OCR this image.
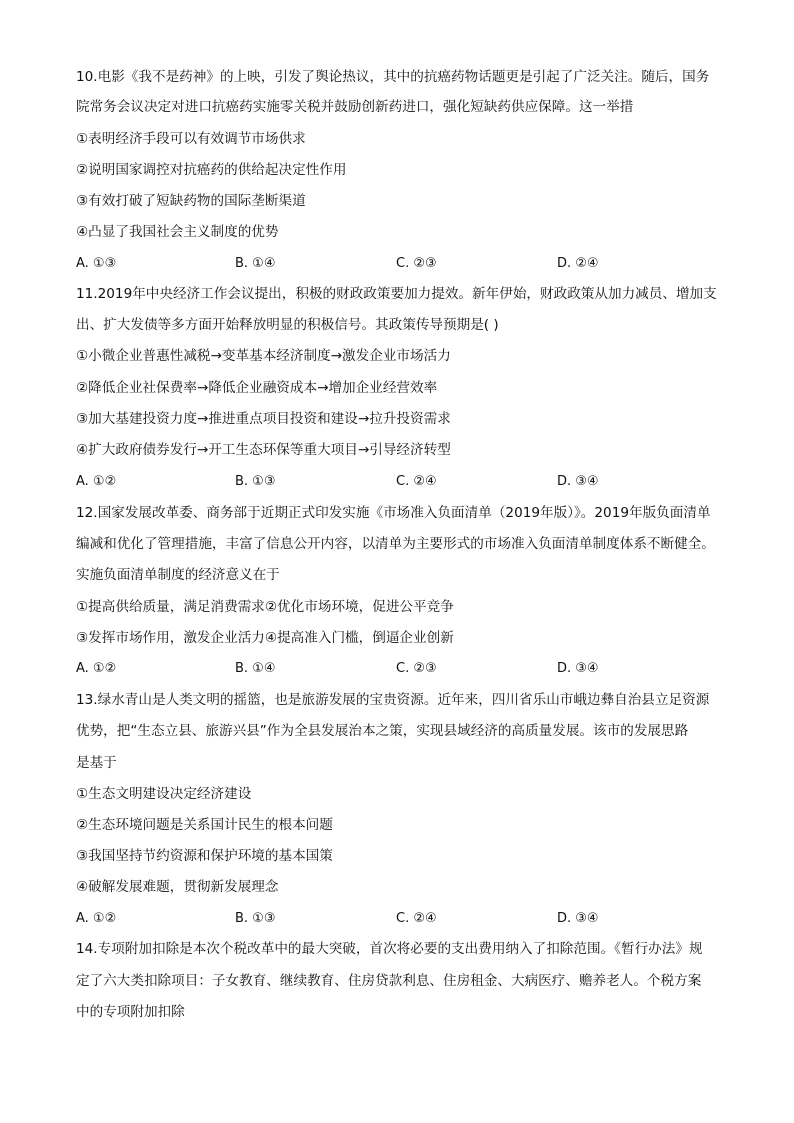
10.电影《我不是药神》的上映，引发了舆论热议，其中的抗癌药物话题更是引起了广泛关注。随后，国务
院常务会议决定对进口抗癌药实施零关税并鼓励创新药进口，强化短缺药供应保障。这一举措
①表明经济手段可以有效调节市场供求
②说明国家调控对抗癌药的供给起决定性作用
③有效打破了短缺药物的国际垄断渠道
④凸显了我国社会主义制度的优势
A. ①③	B. ①④	C. ②③	D. ②④
11.2019年中央经济工作会议提出，积极的财政政策要加力提效。新年伊始，财政政策从加力减员、增加支
出、扩大发债等多方面开始释放明显的积极信号。其政策传导预期是( )
①小微企业普惠性减税→变革基本经济制度→激发企业市场活力
②降低企业社保费率→降低企业融资成本→增加企业经营效率
③加大基建投资力度→推进重点项目投资和建设→拉升投资需求
④扩大政府债券发行→开工生态环保等重大项目→引导经济转型
A. ①②	B. ①③	C. ②④	D. ③④
12.国家发展改革委、商务部于近期正式印发实施《市场准入负面清单（2019年版）》。2019年版负面清单
编减和优化了管理措施，丰富了信息公开内容，以清单为主要形式的市场准入负面清单制度体系不断健全。
实施负面清单制度的经济意义在于
①提高供给质量，满足消费需求②优化市场环境，促进公平竞争
③发挥市场作用，激发企业活力④提高准入门槛，倒逼企业创新
A. ①②	B. ①④	C. ②③	D. ③④
13.绿水青山是人类文明的摇篮，也是旅游发展的宝贵资源。近年来，四川省乐山市峨边彝自治县立足资源
优势，把“生态立县、旅游兴县”作为全县发展治本之策，实现县域经济的高质量发展。该市的发展思路
是基于
①生态文明建设决定经济建设
②生态环境问题是关系国计民生的根本问题
③我国坚持节约资源和保护环境的基本国策
④破解发展难题，贯彻新发展理念
A. ①②	B. ①③	C. ②④	D. ③④
14.专项附加扣除是本次个税改革中的最大突破，首次将必要的支出费用纳入了扣除范围。《暂行办法》规
定了六大类扣除项目：子女教育、继续教育、住房贷款利息、住房租金、大病医疗、赡养老人。个税方案
中的专项附加扣除
